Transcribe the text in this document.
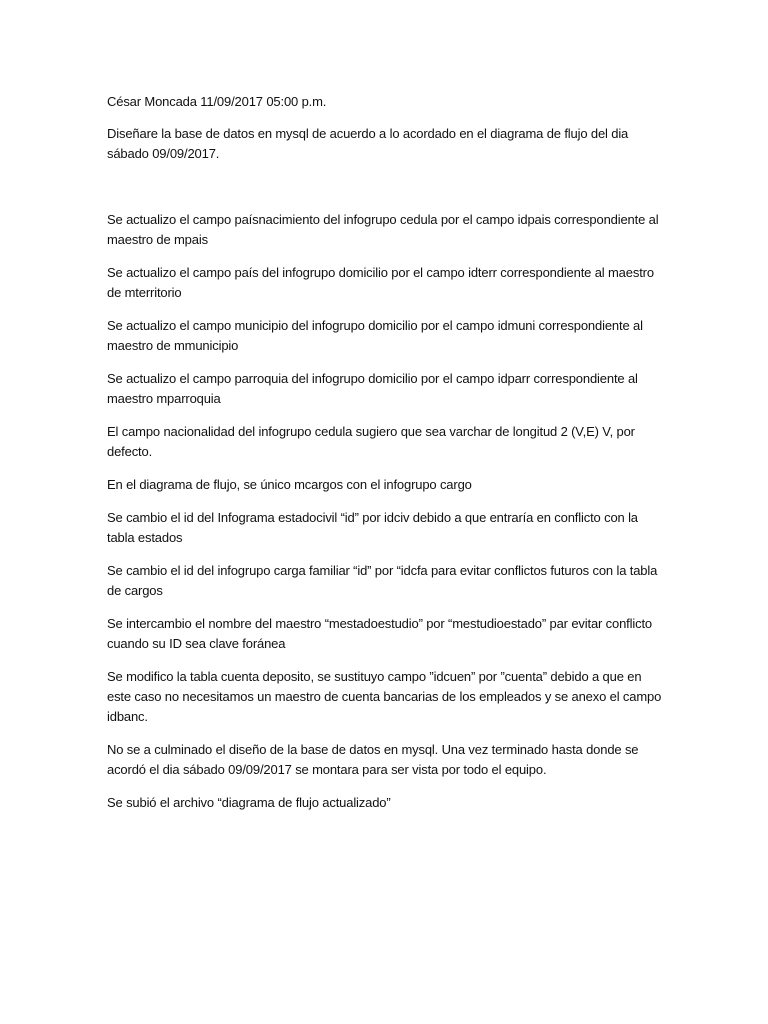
César Moncada 11/09/2017 05:00 p.m.

Diseñare la base de datos en mysql de acuerdo a lo acordado en el diagrama de flujo del dia sábado 09/09/2017.

Se actualizo el campo paísnacimiento del infogrupo cedula por el campo idpais correspondiente al maestro de mpais

Se actualizo el campo país del infogrupo domicilio por el campo idterr correspondiente al maestro de mterritorio

Se actualizo el campo municipio del infogrupo domicilio por el campo idmuni correspondiente al maestro de mmunicipio

Se actualizo el campo parroquia del infogrupo domicilio por el campo idparr correspondiente al maestro mparroquia

El campo nacionalidad del infogrupo cedula sugiero que sea varchar de longitud 2 (V,E) V, por defecto.

En el diagrama de flujo, se único mcargos con el infogrupo cargo

Se cambio el id del Infograma estadocivil “id” por idciv debido a que entraría en conflicto con la tabla estados

Se cambio el id del infogrupo carga familiar “id” por “idcfa para evitar conflictos futuros con la tabla de cargos

Se intercambio el nombre del maestro “mestadoestudio” por “mestudioestado” par evitar conflicto cuando su ID sea clave foránea

Se modifico la tabla cuenta deposito, se sustituyo campo ”idcuen” por ”cuenta” debido a que en este caso no necesitamos un maestro de cuenta bancarias de los empleados y se anexo el campo idbanc.

No se a culminado el diseño de la base de datos en mysql. Una vez terminado hasta donde se acordó el dia sábado 09/09/2017 se montara para ser vista por todo el equipo.

Se subió el archivo “diagrama de flujo actualizado”
